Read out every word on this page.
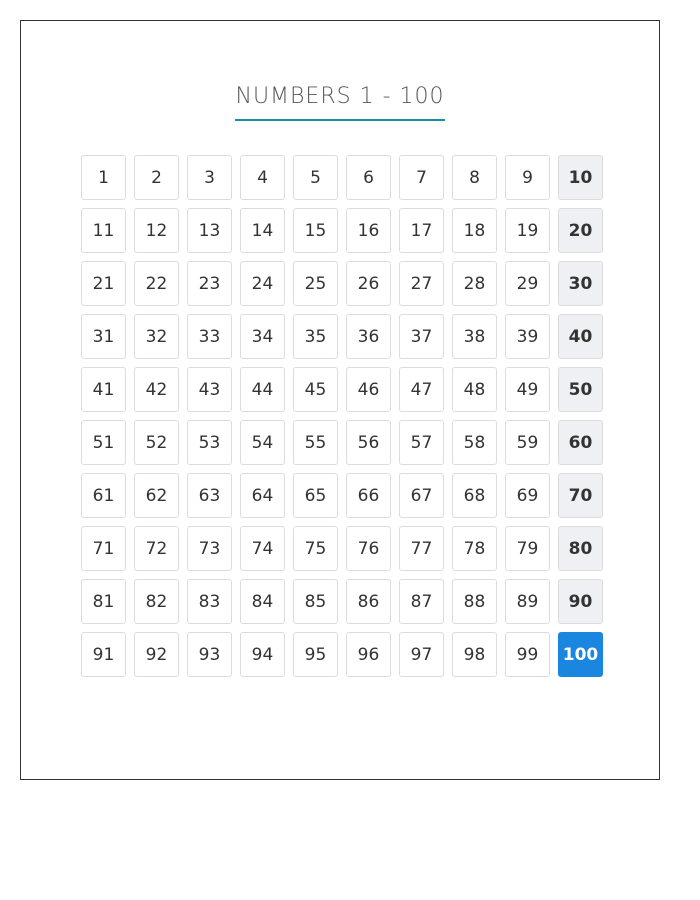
NUMBERS 1 - 100
1	2	3	4	5	6	7	8	9	10
11	12	13	14	15	16	17	18	19	20
21	22	23	24	25	26	27	28	29	30
31	32	33	34	35	36	37	38	39	40
41	42	43	44	45	46	47	48	49	50
51	52	53	54	55	56	57	58	59	60
61	62	63	64	65	66	67	68	69	70
71	72	73	74	75	76	77	78	79	80
81	82	83	84	85	86	87	88	89	90
91	92	93	94	95	96	97	98	99	100
